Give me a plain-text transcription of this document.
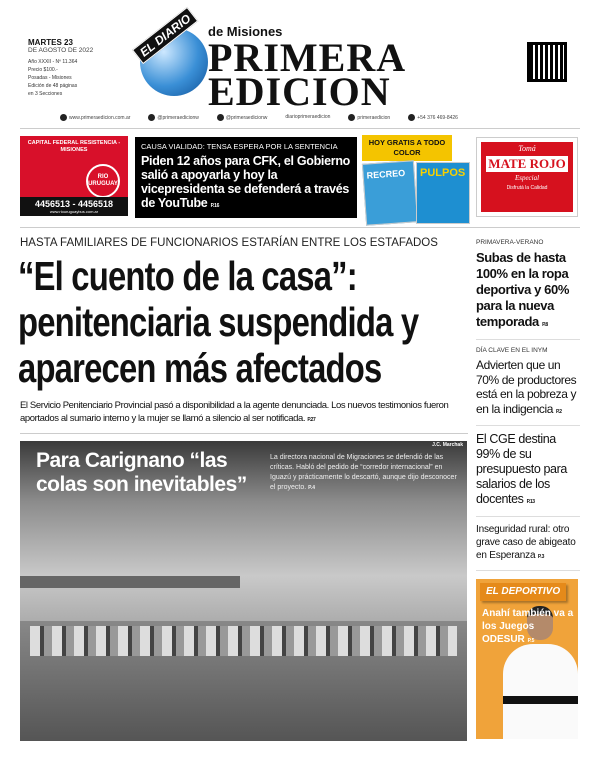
MARTES 23
DE AGOSTO DE 2022
Año XXXII - Nº 11.364
Precio $100.-
Posadas - Misiones
Edición de 48 páginas
en 3 Secciones
EL DIARIO	de Misiones
PRIMERA
EDICION
www.primeraedicion.com.ar	@primeraedicionw	@primeraedicionw	diarioprimeraedicion	primeraedicion	+54 376 469-8426
CAPITAL FEDERAL RESISTENCIA - MISIONES
RIO URUGUAY
4456513 - 4456518
www.riouruguaybus.com.ar
CAUSA VIALIDAD: TENSA ESPERA POR LA SENTENCIA
Piden 12 años para CFK, el Gobierno salió a apoyarla y hoy la vicepresidenta se defenderá a través de YouTube P.16
HOY GRATIS A TODO COLOR
RECREO	PULPOS
Tomá
MATE ROJO
Especial
Disfrutá la Calidad
HASTA FAMILIARES DE FUNCIONARIOS ESTARÍAN ENTRE LOS ESTAFADOS
“El cuento de la casa”: penitenciaria suspendida y aparecen más afectados
El Servicio Penitenciario Provincial pasó a disponibilidad a la agente denunciada. Los nuevos testimonios fueron aportados al sumario interno y la mujer se llamó a silencio al ser notificada. P.27
J.C. Marchak
Para Carignano “las colas son inevitables”
La directora nacional de Migraciones se defendió de las críticas. Habló del pedido de “corredor internacional” en Iguazú y prácticamente lo descartó, aunque dijo desconocer el proyecto. P.4
PRIMAVERA-VERANO
Subas de hasta 100% en la ropa deportiva y 60% para la nueva temporada P.8
DÍA CLAVE EN EL INYM
Advierten que un 70% de productores está en la pobreza y en la indigencia P.2
El CGE destina 99% de su presupuesto para salarios de los docentes P.13
Inseguridad rural: otro grave caso de abigeato en Esperanza P.3
EL DEPORTIVO
Anahí también va a los Juegos ODESUR P.5
